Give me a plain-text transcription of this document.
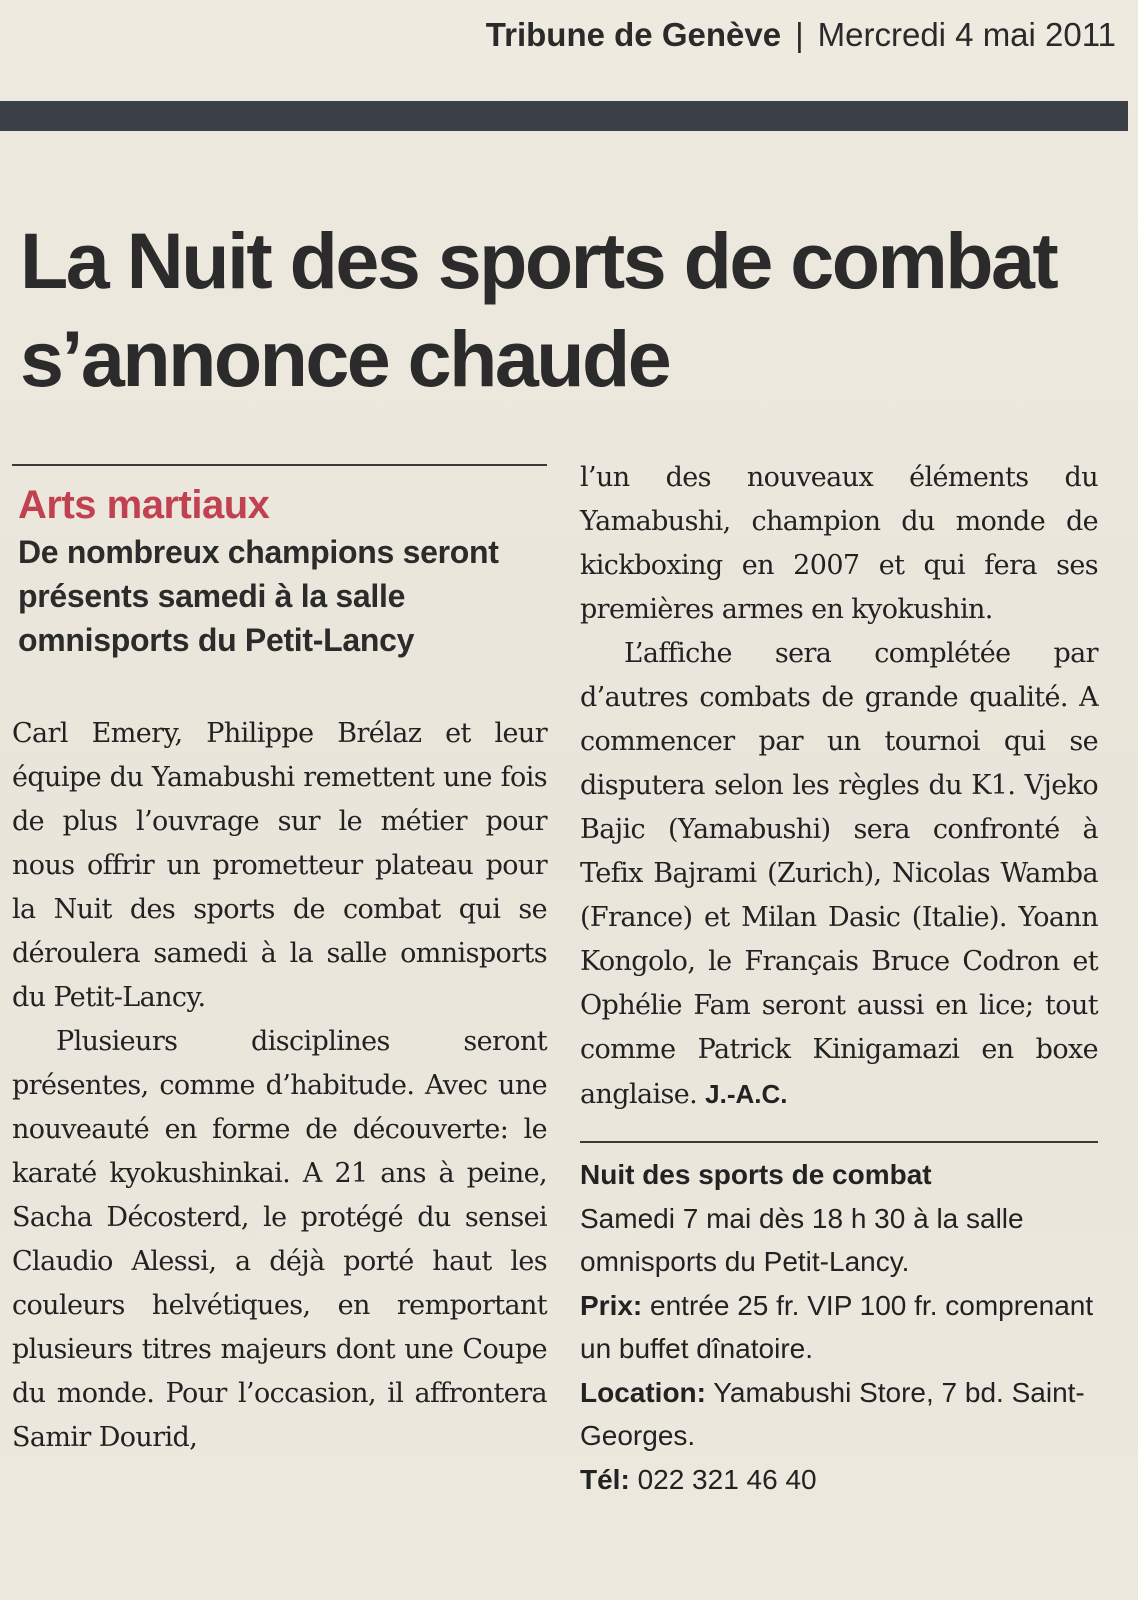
Tribune de Genève | Mercredi 4 mai 2011
La Nuit des sports de combat s’annonce chaude

Arts martiaux

De nombreux champions seront présents samedi à la salle omnisports du Petit-Lancy

Carl Emery, Philippe Brélaz et leur équipe du Yamabushi remettent une fois de plus l’ouvrage sur le métier pour nous offrir un prometteur plateau pour la Nuit des sports de combat qui se déroulera samedi à la salle omnisports du Petit-Lancy.

Plusieurs disciplines seront présentes, comme d’habitude. Avec une nouveauté en forme de découverte: le karaté kyokushinkai. A 21 ans à peine, Sacha Décosterd, le protégé du sensei Claudio Alessi, a déjà porté haut les couleurs helvétiques, en remportant plusieurs titres majeurs dont une Coupe du monde. Pour l’occasion, il affrontera Samir Dourid,

l’un des nouveaux éléments du Yamabushi, champion du monde de kickboxing en 2007 et qui fera ses premières armes en kyokushin.

L’affiche sera complétée par d’autres combats de grande qualité. A commencer par un tournoi qui se disputera selon les règles du K1. Vjeko Bajic (Yamabushi) sera confronté à Tefix Bajrami (Zurich), Nicolas Wamba (France) et Milan Dasic (Italie). Yoann Kongolo, le Français Bruce Codron et Ophélie Fam seront aussi en lice; tout comme Patrick Kinigamazi en boxe anglaise. J.-A.C.

Nuit des sports de combat

Samedi 7 mai dès 18 h 30 à la salle omnisports du Petit-Lancy.

Prix: entrée 25 fr. VIP 100 fr. comprenant un buffet dînatoire.

Location: Yamabushi Store, 7 bd. Saint-Georges.

Tél: 022 321 46 40
